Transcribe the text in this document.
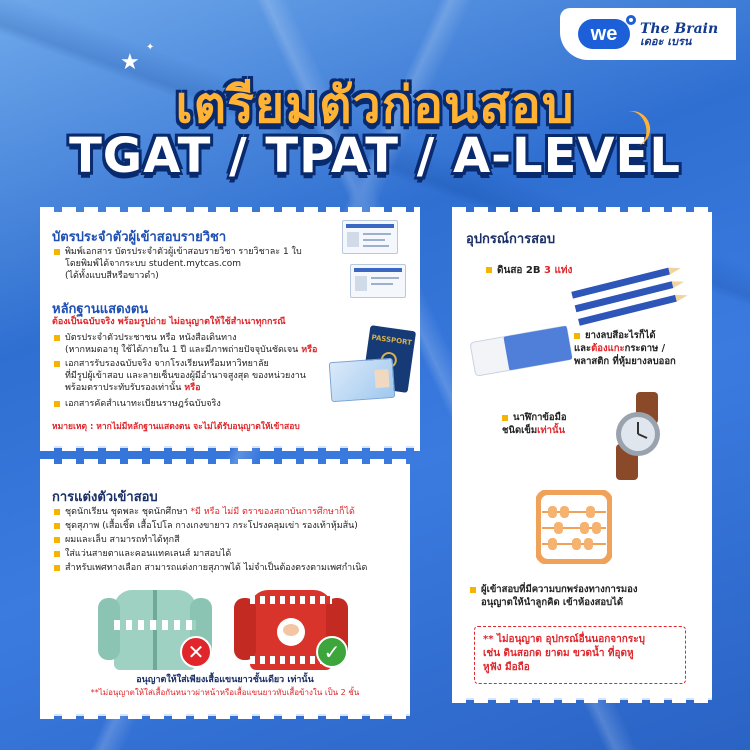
we The Brain
เดอะ เบรน
★
✦
เตรียมตัวก่อนสอบ
TGAT / TPAT / A-LEVEL
บัตรประจำตัวผู้เข้าสอบรายวิชา
พิมพ์เอกสาร บัตรประจำตัวผู้เข้าสอบรายวิชา รายวิชาละ 1 ใบ
โดยพิมพ์ได้จากระบบ student.mytcas.com
(ได้ทั้งแบบสีหรือขาวดำ)
หลักฐานแสดงตน
ต้องเป็นฉบับจริง พร้อมรูปถ่าย ไม่อนุญาตให้ใช้สำเนาทุกกรณี
บัตรประจำตัวประชาชน หรือ หนังสือเดินทาง
(หากหมดอายุ ใช้ได้ภายใน 1 ปี และมีภาพถ่ายปัจจุบันชัดเจน หรือ
เอกสารรับรองฉบับจริง จากโรงเรียนหรือมหาวิทยาลัย
ที่มีรูปผู้เข้าสอบ และลายเซ็นของผู้มีอำนาจสูงสุด ของหน่วยงาน
พร้อมตราประทับรับรองเท่านั้น หรือ
เอกสารคัดสำเนาทะเบียนราษฎร์ฉบับจริง
หมายเหตุ : หากไม่มีหลักฐานแสดงตน จะไม่ได้รับอนุญาตให้เข้าสอบ
PASSPORT
การแต่งตัวเข้าสอบ
ชุดนักเรียน ชุดพละ ชุดนักศึกษา *มี หรือ ไม่มี ตราของสถาบันการศึกษาก็ได้
ชุดสุภาพ (เสื้อเชิ้ต เสื้อโปโล กางเกงขายาว กระโปรงคลุมเข่า รองเท้าหุ้มส้น)
ผมและเล็บ สามารถทำได้ทุกสี
ใส่แว่นสายตาและคอนแทคเลนส์ มาสอบได้
สำหรับเพศทางเลือก สามารถแต่งกายสุภาพได้ ไม่จำเป็นต้องตรงตามเพศกำเนิด
✕	✓
อนุญาตให้ใส่เพียงเสื้อแขนยาวชั้นเดียว เท่านั้น
**ไม่อนุญาตให้ใส่เสื้อกันหนาวผ่าหน้าหรือเสื้อแขนยาวทับเสื้อข้างใน เป็น 2 ชั้น
อุปกรณ์การสอบ
ดินสอ 2B 3 แท่ง
ยางลบสีอะไรก็ได้
และต้องแกะกระดาษ /
พลาสติก ที่หุ้มยางลบออก
นาฬิกาข้อมือ
ชนิดเข็มเท่านั้น
ผู้เข้าสอบที่มีความบกพร่องทางการมอง
อนุญาตให้นำลูกคิด เข้าห้องสอบได้
** ไม่อนุญาต อุปกรณ์อื่นนอกจากระบุ
เช่น ดินสอกด ยาดม ขวดน้ำ ที่อุดหู
หูฟัง มือถือ
